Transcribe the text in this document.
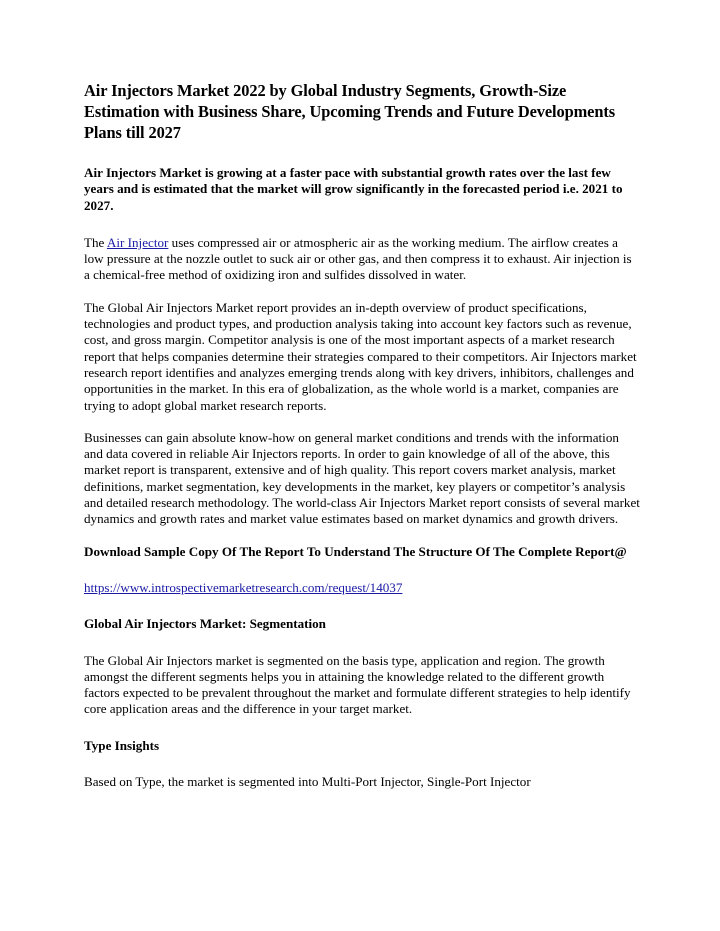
Air Injectors Market 2022 by Global Industry Segments, Growth-Size Estimation with Business Share, Upcoming Trends and Future Developments Plans till 2027

Air Injectors Market is growing at a faster pace with substantial growth rates over the last few years and is estimated that the market will grow significantly in the forecasted period i.e. 2021 to 2027.

The Air Injector uses compressed air or atmospheric air as the working medium. The airflow creates a low pressure at the nozzle outlet to suck air or other gas, and then compress it to exhaust. Air injection is a chemical-free method of oxidizing iron and sulfides dissolved in water.

The Global Air Injectors Market report provides an in-depth overview of product specifications, technologies and product types, and production analysis taking into account key factors such as revenue, cost, and gross margin. Competitor analysis is one of the most important aspects of a market research report that helps companies determine their strategies compared to their competitors. Air Injectors market research report identifies and analyzes emerging trends along with key drivers, inhibitors, challenges and opportunities in the market. In this era of globalization, as the whole world is a market, companies are trying to adopt global market research reports.

Businesses can gain absolute know-how on general market conditions and trends with the information and data covered in reliable Air Injectors reports. In order to gain knowledge of all of the above, this market report is transparent, extensive and of high quality. This report covers market analysis, market definitions, market segmentation, key developments in the market, key players or competitor’s analysis and detailed research methodology. The world-class Air Injectors Market report consists of several market dynamics and growth rates and market value estimates based on market dynamics and growth drivers.

Download Sample Copy Of The Report To Understand The Structure Of The Complete Report@

https://www.introspectivemarketresearch.com/request/14037

Global Air Injectors Market: Segmentation

The Global Air Injectors market is segmented on the basis type, application and region. The growth amongst the different segments helps you in attaining the knowledge related to the different growth factors expected to be prevalent throughout the market and formulate different strategies to help identify core application areas and the difference in your target market.

Type Insights

Based on Type, the market is segmented into Multi-Port Injector, Single-Port Injector
